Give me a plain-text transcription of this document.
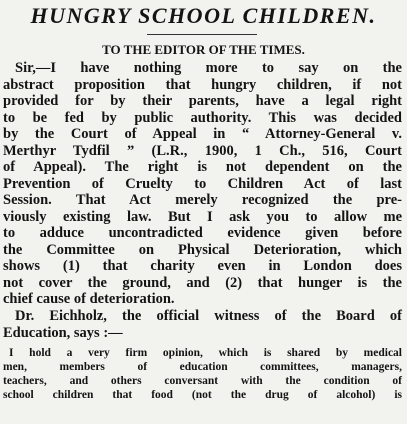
HUNGRY SCHOOL CHILDREN.
TO THE EDITOR OF THE TIMES.
Sir,—I have nothing more to say on the
abstract proposition that hungry children, if not
provided for by their parents, have a legal right
to be fed by public authority. This was decided
by the Court of Appeal in “ Attorney-General v.
Merthyr Tydfil ” (L.R., 1900, 1 Ch., 516, Court
of Appeal). The right is not dependent on the
Prevention of Cruelty to Children Act of last
Session. That Act merely recognized the pre-
viously existing law. But I ask you to allow me
to adduce uncontradicted evidence given before
the Committee on Physical Deterioration, which
shows (1) that charity even in London does
not cover the ground, and (2) that hunger is the
chief cause of deterioration.
Dr. Eichholz, the official witness of the Board of
Education, says :—
I hold a very firm opinion, which is shared by medical
men, members of education committees, managers,
teachers, and others conversant with the condition of
school children that food (not the drug of alcohol) is
